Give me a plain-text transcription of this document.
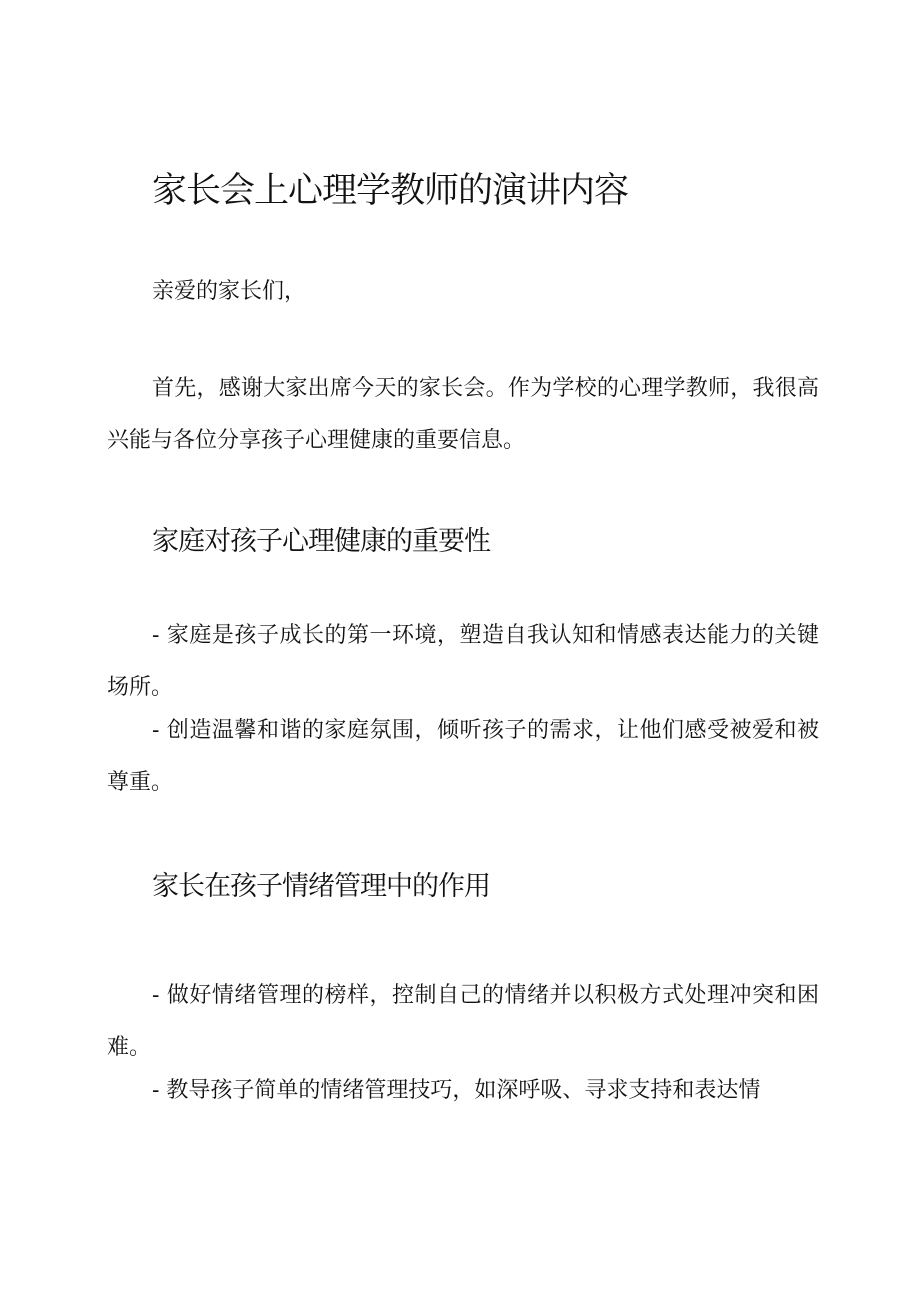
家长会上心理学教师的演讲内容

亲爱的家长们，

首先，感谢大家出席今天的家长会。作为学校的心理学教师，我很高兴能与各位分享孩子心理健康的重要信息。

家庭对孩子心理健康的重要性

- 家庭是孩子成长的第一环境，塑造自我认知和情感表达能力的关键场所。

- 创造温馨和谐的家庭氛围，倾听孩子的需求，让他们感受被爱和被尊重。

家长在孩子情绪管理中的作用

- 做好情绪管理的榜样，控制自己的情绪并以积极方式处理冲突和困难。

- 教导孩子简单的情绪管理技巧，如深呼吸、寻求支持和表达情
